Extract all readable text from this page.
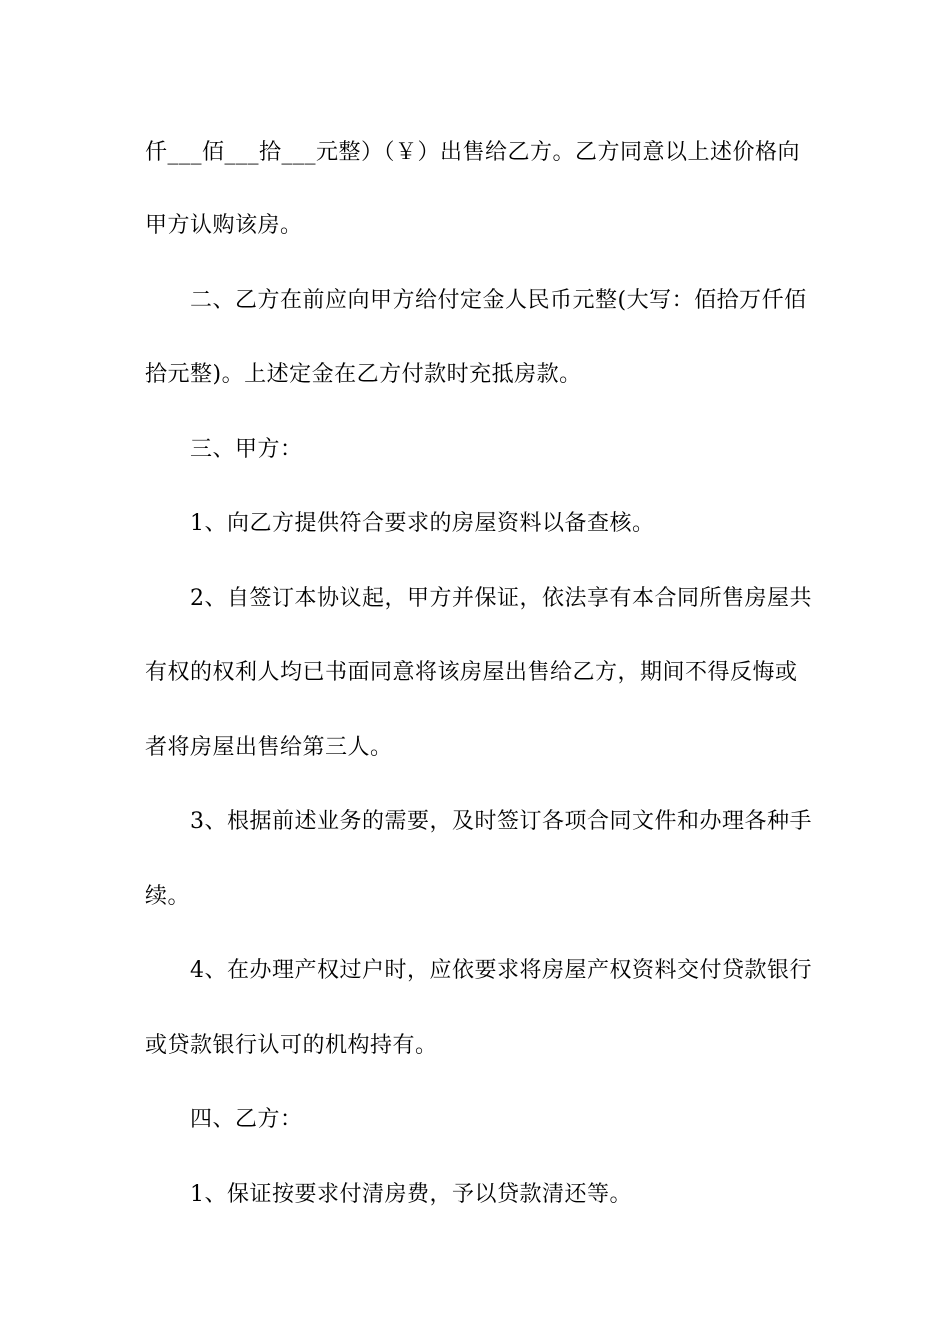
仟___佰___拾___元整）（￥）出售给乙方。乙方同意以上述价格向
甲方认购该房。
二、乙方在前应向甲方给付定金人民币元整(大写：佰拾万仟佰
拾元整)。上述定金在乙方付款时充抵房款。
三、甲方：
1、向乙方提供符合要求的房屋资料以备查核。
2、自签订本协议起，甲方并保证，依法享有本合同所售房屋共
有权的权利人均已书面同意将该房屋出售给乙方，期间不得反悔或
者将房屋出售给第三人。
3、根据前述业务的需要，及时签订各项合同文件和办理各种手
续。
4、在办理产权过户时，应依要求将房屋产权资料交付贷款银行
或贷款银行认可的机构持有。
四、乙方：
1、保证按要求付清房费，予以贷款清还等。
